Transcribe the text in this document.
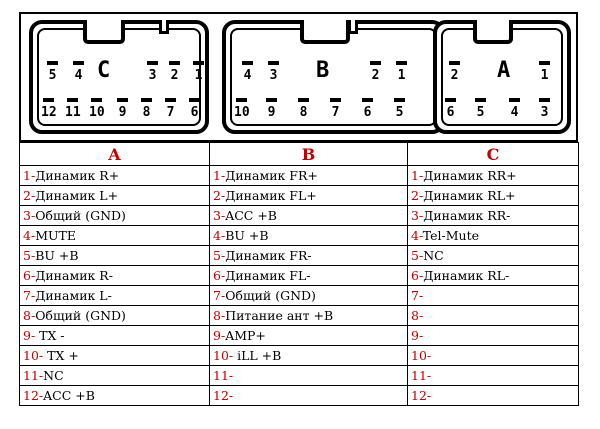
C
5 4	3 2 1
12 11 10 9 8 7 6
B
4 3	2 1
10 9 8 7 6 5
A
2	1
6 5 4 3
A	B	C
1-Динамик R+	1-Динамик FR+	1-Динамик RR+
2-Динамик L+	2-Динамик FL+	2-Динамик RL+
3-Общий (GND)	3-ACC +B	3-Динамик RR-
4-MUTE	4-BU +B	4-Tel-Mute
5-BU +B	5-Динамик FR-	5-NC
6-Динамик R-	6-Динамик FL-	6-Динамик RL-
7-Динамик L-	7-Общий (GND)	7-
8-Общий (GND)	8-Питание ант +B	8-
9- TX -	9-AMP+	9-
10- TX +	10- iLL +B	10-
11-NC	11-	11-
12-ACC +B	12-	12-
